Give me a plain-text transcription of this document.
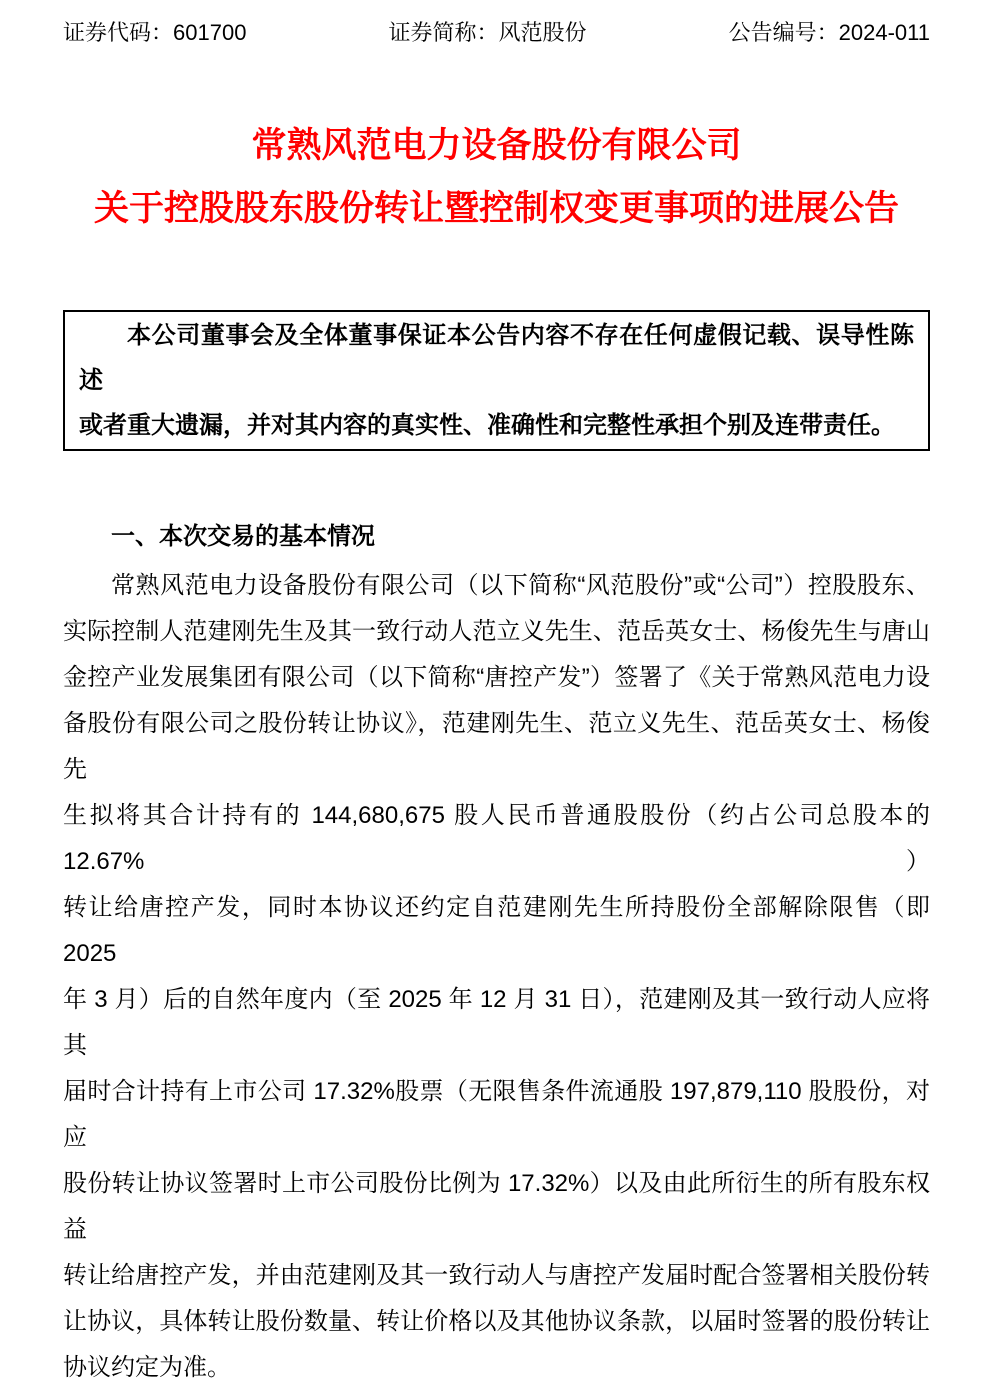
证券代码：601700	证券简称：风范股份	公告编号：2024-011
常熟风范电力设备股份有限公司
关于控股股东股份转让暨控制权变更事项的进展公告
本公司董事会及全体董事保证本公告内容不存在任何虚假记载、误导性陈述
或者重大遗漏，并对其内容的真实性、准确性和完整性承担个别及连带责任。
一、本次交易的基本情况
常熟风范电力设备股份有限公司（以下简称“风范股份”或“公司”）控股股东、
实际控制人范建刚先生及其一致行动人范立义先生、范岳英女士、杨俊先生与唐山
金控产业发展集团有限公司（以下简称“唐控产发”）签署了《关于常熟风范电力设
备股份有限公司之股份转让协议》，范建刚先生、范立义先生、范岳英女士、杨俊先
生拟将其合计持有的 144,680,675 股人民币普通股股份（约占公司总股本的 12.67%）
转让给唐控产发，同时本协议还约定自范建刚先生所持股份全部解除限售（即 2025
年 3 月）后的自然年度内（至 2025 年 12 月 31 日），范建刚及其一致行动人应将其
届时合计持有上市公司 17.32%股票（无限售条件流通股 197,879,110 股股份，对应
股份转让协议签署时上市公司股份比例为 17.32%）以及由此所衍生的所有股东权益
转让给唐控产发，并由范建刚及其一致行动人与唐控产发届时配合签署相关股份转
让协议，具体转让股份数量、转让价格以及其他协议条款，以届时签署的股份转让
协议约定为准。
